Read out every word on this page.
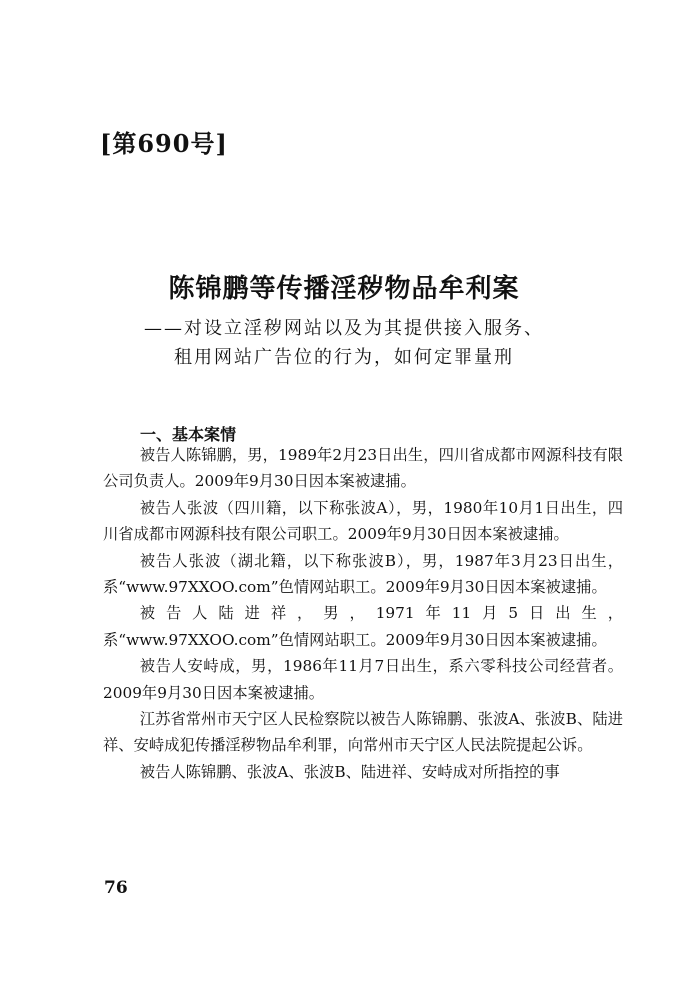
[第690号]
陈锦鹏等传播淫秽物品牟利案
——对设立淫秽网站以及为其提供接入服务、
租用网站广告位的行为，如何定罪量刑
一、基本案情

被告人陈锦鹏，男，1989年2月23日出生，四川省成都市网源科技有限公司负责人。2009年9月30日因本案被逮捕。

被告人张波（四川籍，以下称张波A），男，1980年10月1日出生，四川省成都市网源科技有限公司职工。2009年9月30日因本案被逮捕。

被告人张波（湖北籍，以下称张波B），男，1987年3月23日出生，系“www.97XXOO.com”色情网站职工。2009年9月30日因本案被逮捕。

被告人陆进祥，男，1971年11月5日出生，系“www.97XXOO.com”色情网站职工。2009年9月30日因本案被逮捕。

被告人安峙成，男，1986年11月7日出生，系六零科技公司经营者。2009年9月30日因本案被逮捕。

江苏省常州市天宁区人民检察院以被告人陈锦鹏、张波A、张波B、陆进祥、安峙成犯传播淫秽物品牟利罪，向常州市天宁区人民法院提起公诉。

被告人陈锦鹏、张波A、张波B、陆进祥、安峙成对所指控的事

76
